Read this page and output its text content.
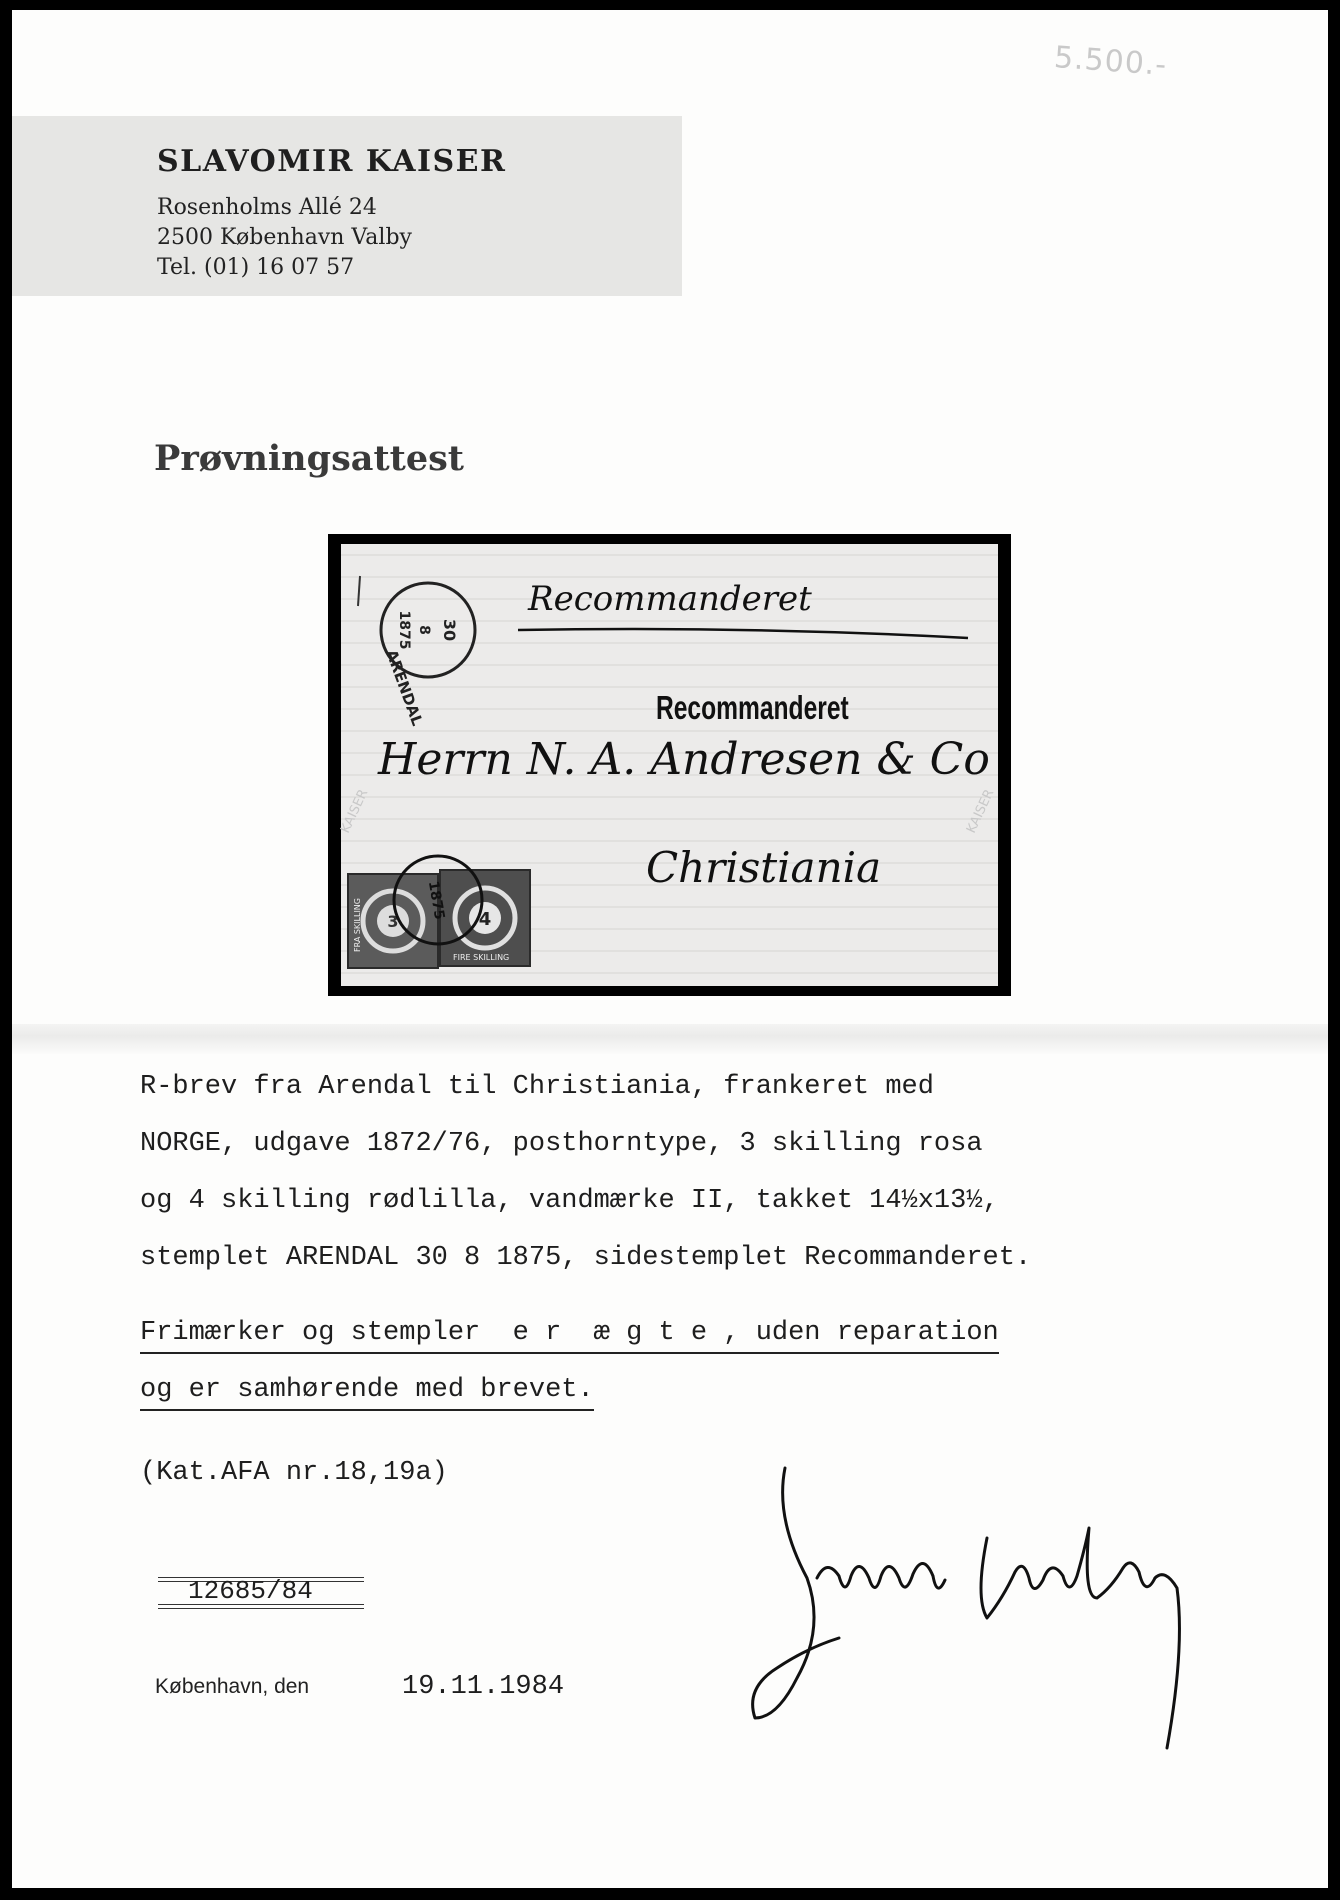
5.500.-
SLAVOMIR KAISER
Rosenholms Allé 24
2500 København Valby
Tel. (01) 16 07 57
Prøvningsattest
30
8
1875
ARENDAL
Recommanderet
Recommanderet
Herrn N. A. Andresen & Co
Christiania
KAISER	KAISER
3
FRA SKILLING	4
FIRE SKILLING
1875
R-brev fra Arendal til Christiania, frankeret med
NORGE, udgave 1872/76, posthorntype, 3 skilling rosa
og 4 skilling rødlilla, vandmærke II, takket 14½x13½,
stemplet ARENDAL 30 8 1875, sidestemplet Recommanderet.
Frimærker og stempler  e r  æ g t e , uden reparation
og er samhørende med brevet.
(Kat.AFA nr.18,19a)
12685/84
København, den	19.11.1984
